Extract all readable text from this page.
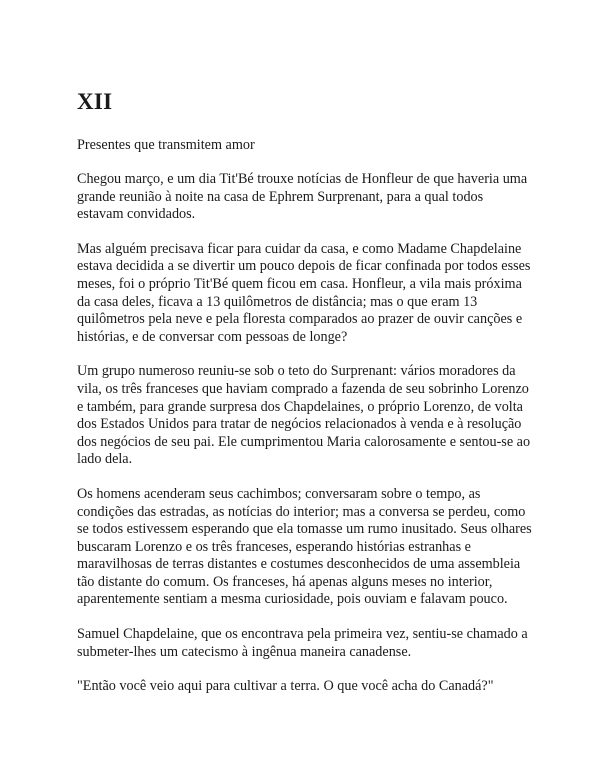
XII

Presentes que transmitem amor

Chegou março, e um dia Tit'Bé trouxe notícias de Honfleur de que haveria uma grande reunião à noite na casa de Ephrem Surprenant, para a qual todos estavam convidados.

Mas alguém precisava ficar para cuidar da casa, e como Madame Chapdelaine estava decidida a se divertir um pouco depois de ficar confinada por todos esses meses, foi o próprio Tit'Bé quem ficou em casa. Honfleur, a vila mais próxima da casa deles, ficava a 13 quilômetros de distância; mas o que eram 13 quilômetros pela neve e pela floresta comparados ao prazer de ouvir canções e histórias, e de conversar com pessoas de longe?

Um grupo numeroso reuniu-se sob o teto do Surprenant: vários moradores da vila, os três franceses que haviam comprado a fazenda de seu sobrinho Lorenzo e também, para grande surpresa dos Chapdelaines, o próprio Lorenzo, de volta dos Estados Unidos para tratar de negócios relacionados à venda e à resolução dos negócios de seu pai. Ele cumprimentou Maria calorosamente e sentou-se ao lado dela.

Os homens acenderam seus cachimbos; conversaram sobre o tempo, as condições das estradas, as notícias do interior; mas a conversa se perdeu, como se todos estivessem esperando que ela tomasse um rumo inusitado. Seus olhares buscaram Lorenzo e os três franceses, esperando histórias estranhas e maravilhosas de terras distantes e costumes desconhecidos de uma assembleia tão distante do comum. Os franceses, há apenas alguns meses no interior, aparentemente sentiam a mesma curiosidade, pois ouviam e falavam pouco.

Samuel Chapdelaine, que os encontrava pela primeira vez, sentiu-se chamado a submeter-lhes um catecismo à ingênua maneira canadense.

"Então você veio aqui para cultivar a terra. O que você acha do Canadá?"
